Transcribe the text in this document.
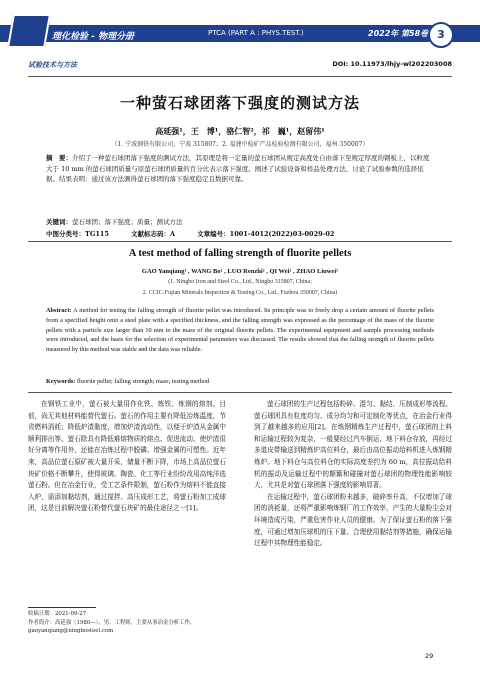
理化检验 - 物理分册	PTCA (PART A : PHYS.TEST.)	2022年 第58卷 3
试验技术与方法	DOI: 10.11973/lhjy-wl202203008
一种萤石球团落下强度的测试方法
高延强¹，王　博¹，骆仁智²，祁　巍¹，赵留伟¹
（1. 宁波钢铁有限公司，宁波 315807；2. 福建中检矿产品检验检测有限公司，福州 350007）
摘　要：介绍了一种萤石球团落下强度的测试方法，其原理是将一定量的萤石球团从规定高度处自由落下至规定厚度的钢板上，以粒度大于 10 mm 的萤石球团质量与原萤石球团质量的百分比表示落下强度。阐述了试验设备和样品处理方法，讨论了试验参数的选择依据。结果表明：通过该方法测得萤石球团的落下强度稳定且数据可靠。
关键词：萤石球团；落下强度；质量；测试方法
中图分类号：TG115	文献标志码：A	文章编号：1001-4012(2022)03-0029-02
A test method of falling strength of fluorite pellets
GAO Yanqiang¹ , WANG Bo¹ , LUO Renzhi² , QI Wei¹ , ZHAO Liuwei¹
(1. Ningbo Iron and Steel Co., Ltd., Ningbo 315807, China;
2. CCIC-Fujian Minerals Inspection & Testing Co., Ltd., Fuzhou 350007, China)
Abstract: A method for testing the falling strength of fluorite pellet was introduced. Its principle was to freely drop a certain amount of fluorite pellets from a specified height onto a steel plate with a specified thickness, and the falling strength was expressed as the percentage of the mass of the fluorite pellets with a particle size larger than 10 mm to the mass of the original fluorite pellets. The experimental equipment and sample processing methods were introduced, and the basis for the selection of experimental parameters was discussed. The results showed that the falling strength of fluorite pellets measured by this method was stable and the data was reliable.
Keywords: fluorite pellet; falling strength; mass; testing method

在钢铁工业中，萤石被大量用作化铁、炼铁、炼钢的熔剂。目前，尚无其他材料能替代萤石。萤石的作用主要有降低冶炼温度，节省燃料消耗；降低炉渣黏度，增加炉渣流动性，以便于炉渣从金属中顺利排出等。萤石除具有降低难熔物质的熔点、促进流动、使炉渣很好分离等作用外，还能在冶炼过程中脱磷、增强金属的可塑性。近年来，高品位萤石原矿被大量开采，储量不断下降，市场上高品位萤石块矿价格不断攀升，使得玻璃、陶瓷、化工等行业纷纷改用高纯洋选萤石粉。但在冶金行业，受工艺条件限制，萤石粉作为熔料不能直接入炉，需添加黏结剂，通过搅拌、高压成形工艺，将萤石粉加工成球团，这是目前解决萤石粉替代萤石块矿的最佳途径之一[1]。

萤石球团的生产过程包括粉碎、混匀、黏结、压制成形等流程。萤石球团具有粒度均匀、成分均匀和可定制化等优点，在冶金行业得到了越来越多的应用[2]。在炼钢精炼生产过程中，萤石球团的上料和运输过程较为复杂，一般要经过汽车倒运、地下料仓存放，再经过多道皮带输送到精炼炉高位料仓，最后由高位振动给料机进入炼钢精炼炉。地下料仓与高位料仓的实际高度差约为 60 m，高位振动给料机的振动及运输过程中的颠簸和碰撞对萤石球团的物理性能影响较大，尤其是对萤石球团落下强度的影响显著。

在运输过程中，萤石球团粉末越多，破碎率升高，不仅增加了球团的消耗量，还将严重影响炼钢厂的工作效率，产生的大量粉尘会对环境造成污染，严重危害作业人员的健康。为了保证萤石粉的落下强度，可通过增加压球机的压下量、合理使用黏结剂等措施，确保运输过程中其物理性能稳定。

收稿日期：2021-09-27
作者简介：高延强（1980—），男，工程师，主要从事冶金分析工作，gaoyanqiang@ningbosteel.com
29
